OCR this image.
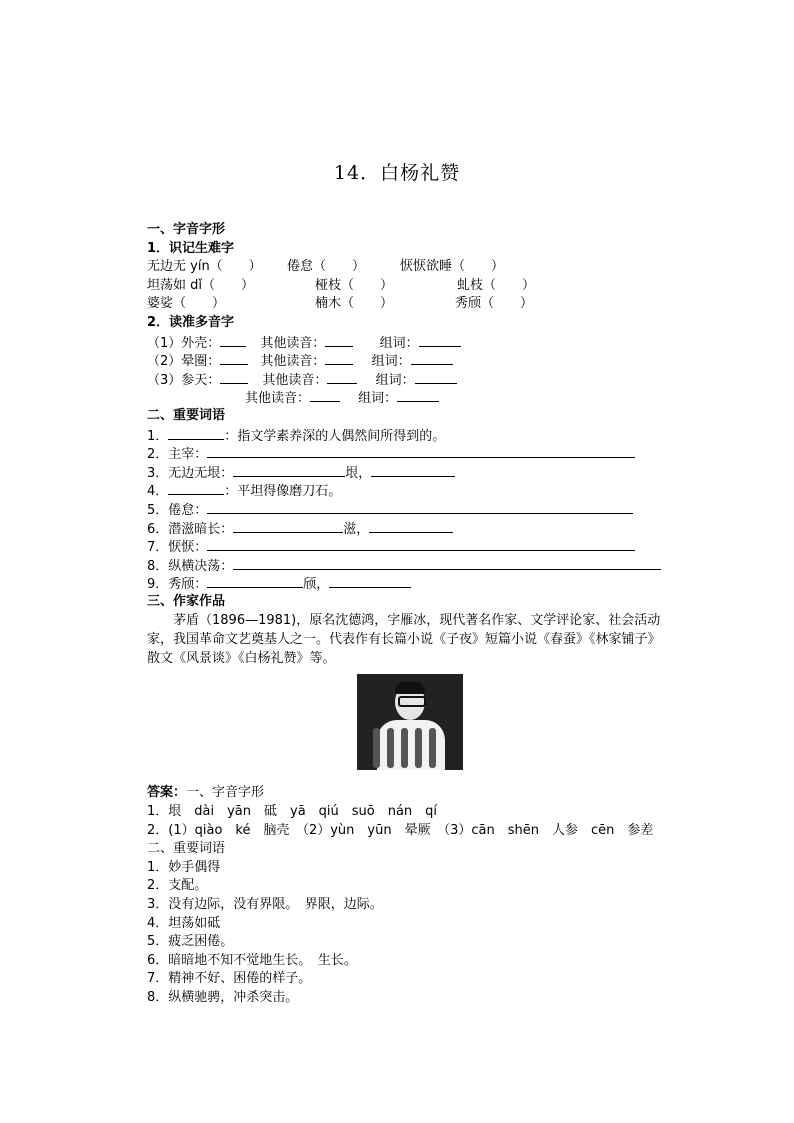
14．白杨礼赞
一、字音字形
1．识记生难字
无边无 yín（　　） 倦怠（　　）	恹恹欲睡（　　）
坦荡如 dǐ（　　）	桠枝（　　）	虬枝（　　）
婆娑（　　）	楠木（　　）	秀颀（　　）
2．读准多音字
（1）外壳：	其他读音：	组词：
（2）晕圈：	其他读音：	组词：
（3）参天：	其他读音：	组词：
其他读音：	组词：
二、重要词语
1．	：指文学素养深的人偶然间所得到的。
2．主宰：
3．无边无垠：	垠，
4．	：平坦得像磨刀石。
5．倦怠：
6．潜滋暗长：	滋，
7．恹恹：
8．纵横决荡：
9．秀颀：	颀，
三、作家作品
茅盾（1896—1981)，原名沈德鸿，字雁冰，现代著名作家、文学评论家、社会活动家，我国革命文艺奠基人之一。代表作有长篇小说《子夜》短篇小说《春蚕》《林家铺子》散文《风景谈》《白杨礼赞》等。
答案：一、字音字形
1．垠　dài　yān　砥　yā　qiú　suō　nán　qí
2．(1）qiào　ké　脑壳　（2）yùn　yūn　晕厥　（3）cān　shēn　人参　cēn　参差
二、重要词语
1．妙手偶得
2．支配。
3．没有边际，没有界限。　界限，边际。
4．坦荡如砥
5．疲乏困倦。
6．暗暗地不知不觉地生长。　生长。
7．精神不好、困倦的样子。
8．纵横驰骋，冲杀突击。
